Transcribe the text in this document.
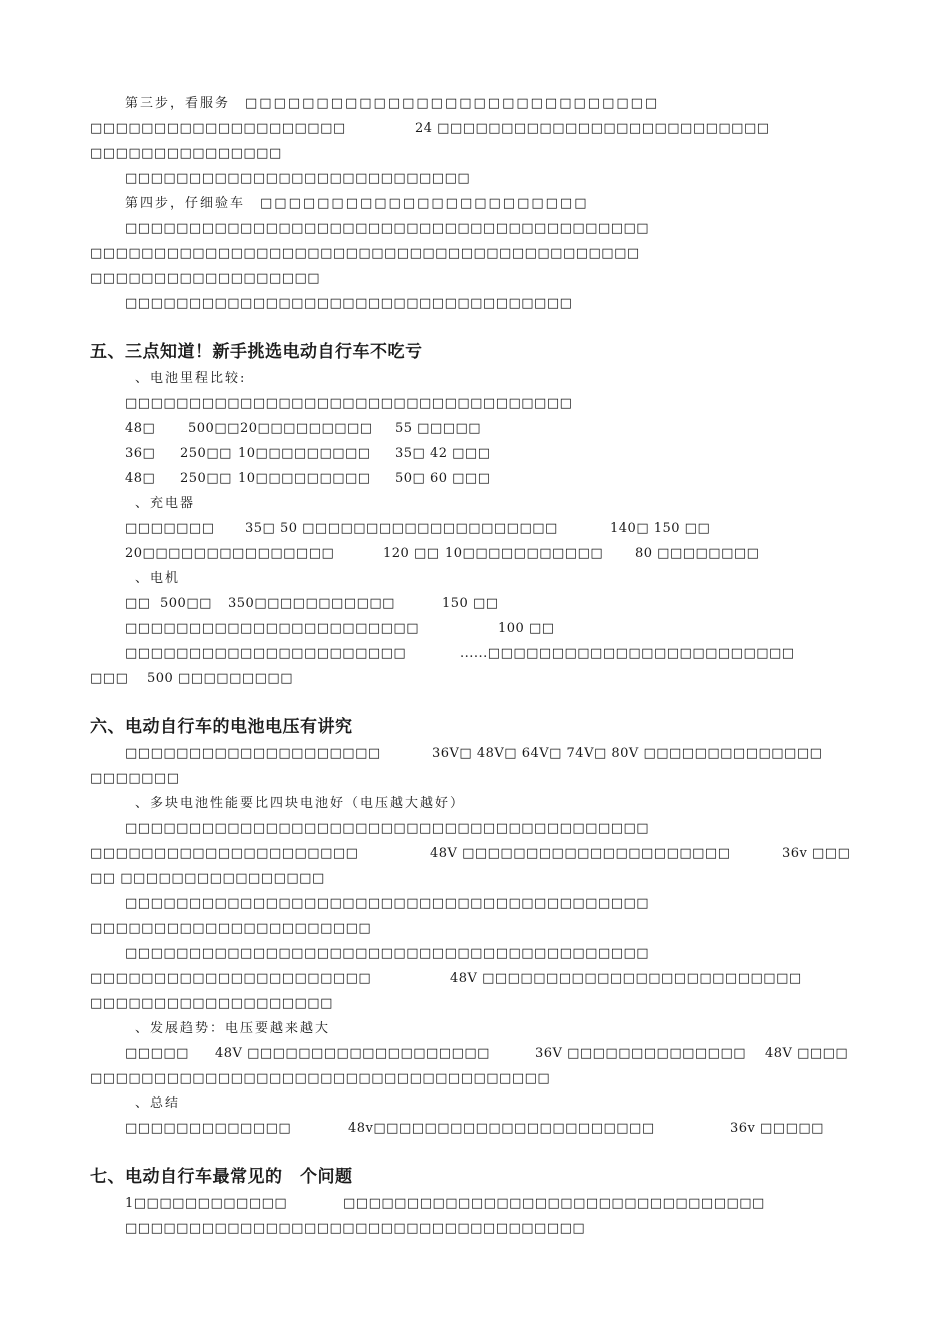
五、三点知道！新手挑选电动自行车不吃亏
六、电动自行车的电池电压有讲究
七、电动自行车最常见的　个问题
第三步，看服务　□□□□□□□□□□□□□□□□□□□□□□□□□□□□□
□□□□□□□□□□□□□□□□□□□□	24 □□□□□□□□□□□□□□□□□□□□□□□□□□
□□□□□□□□□□□□□□□
□□□□□□□□□□□□□□□□□□□□□□□□□□□
第四步，仔细验车　□□□□□□□□□□□□□□□□□□□□□□□
□□□□□□□□□□□□□□□□□□□□□□□□□□□□□□□□□□□□□□□□□
□□□□□□□□□□□□□□□□□□□□□□□□□□□□□□□□□□□□□□□□□□□
□□□□□□□□□□□□□□□□□□
□□□□□□□□□□□□□□□□□□□□□□□□□□□□□□□□□□□
、电池里程比较:
□□□□□□□□□□□□□□□□□□□□□□□□□□□□□□□□□□□
48□	500□□ 20□□□□□□□□□ 55 □□□□□
36□ 250□□ 10□□□□□□□□□ 35□ 42 □□□
48□ 250□□ 10□□□□□□□□□ 50□ 60 □□□
、充电器
□□□□□□□ 35□ 50 □□□□□□□□□□□□□□□□□□□□	140□ 150 □□
20□□□□□□□□□□□□□□□	120 □□ 10□□□□□□□□□□□ 80 □□□□□□□□
、电机
□□ 500□□ 350□□□□□□□□□□□	150 □□
□□□□□□□□□□□□□□□□□□□□□□□	100 □□
□□□□□□□□□□□□□□□□□□□□□□	......□□□□□□□□□□□□□□□□□□□□□□□□
□□□ 500 □□□□□□□□□
□□□□□□□□□□□□□□□□□□□□	36V□ 48V□ 64V□ 74V□ 80V □□□□□□□□□□□□□□
□□□□□□□
、多块电池性能要比四块电池好（电压越大越好）
□□□□□□□□□□□□□□□□□□□□□□□□□□□□□□□□□□□□□□□□□
□□□□□□□□□□□□□□□□□□□□□	48V □□□□□□□□□□□□□□□□□□□□□	36v □□□
□□ □□□□□□□□□□□□□□□□
□□□□□□□□□□□□□□□□□□□□□□□□□□□□□□□□□□□□□□□□□
□□□□□□□□□□□□□□□□□□□□□□
□□□□□□□□□□□□□□□□□□□□□□□□□□□□□□□□□□□□□□□□□
□□□□□□□□□□□□□□□□□□□□□□	48V □□□□□□□□□□□□□□□□□□□□□□□□□
□□□□□□□□□□□□□□□□□□□
、发展趋势：电压要越来越大
□□□□□ 48V □□□□□□□□□□□□□□□□□□□	36V □□□□□□□□□□□□□□ 48V □□□□
□□□□□□□□□□□□□□□□□□□□□□□□□□□□□□□□□□□□
、总结
□□□□□□□□□□□□□	48v□□□□□□□□□□□□□□□□□□□□□□	36v □□□□□
1□□□□□□□□□□□□	□□□□□□□□□□□□□□□□□□□□□□□□□□□□□□□□□
□□□□□□□□□□□□□□□□□□□□□□□□□□□□□□□□□□□□
